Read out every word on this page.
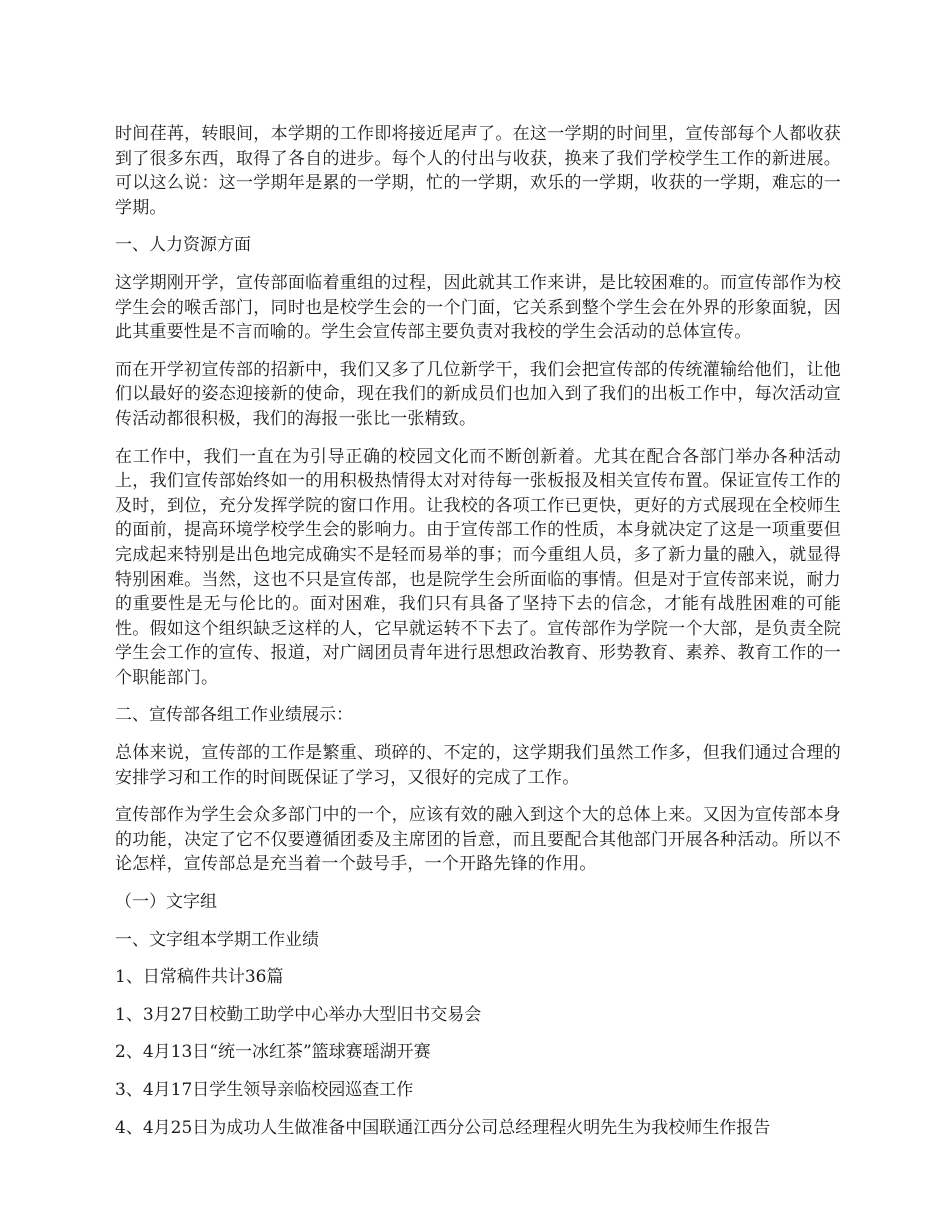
时间荏苒，转眼间，本学期的工作即将接近尾声了。在这一学期的时间里，宣传部每个人都收获到了很多东西，取得了各自的进步。每个人的付出与收获，换来了我们学校学生工作的新进展。可以这么说：这一学期年是累的一学期，忙的一学期，欢乐的一学期，收获的一学期，难忘的一学期。

一、人力资源方面

这学期刚开学，宣传部面临着重组的过程，因此就其工作来讲，是比较困难的。而宣传部作为校学生会的喉舌部门，同时也是校学生会的一个门面，它关系到整个学生会在外界的形象面貌，因此其重要性是不言而喻的。学生会宣传部主要负责对我校的学生会活动的总体宣传。

而在开学初宣传部的招新中，我们又多了几位新学干，我们会把宣传部的传统灌输给他们，让他们以最好的姿态迎接新的使命，现在我们的新成员们也加入到了我们的出板工作中，每次活动宣传活动都很积极，我们的海报一张比一张精致。

在工作中，我们一直在为引导正确的校园文化而不断创新着。尤其在配合各部门举办各种活动上，我们宣传部始终如一的用积极热情得太对对待每一张板报及相关宣传布置。保证宣传工作的及时，到位，充分发挥学院的窗口作用。让我校的各项工作已更快，更好的方式展现在全校师生的面前，提高环境学校学生会的影响力。由于宣传部工作的性质，本身就决定了这是一项重要但完成起来特别是出色地完成确实不是轻而易举的事；而今重组人员，多了新力量的融入，就显得特别困难。当然，这也不只是宣传部，也是院学生会所面临的事情。但是对于宣传部来说，耐力的重要性是无与伦比的。面对困难，我们只有具备了坚持下去的信念，才能有战胜困难的可能性。假如这个组织缺乏这样的人，它早就运转不下去了。宣传部作为学院一个大部，是负责全院学生会工作的宣传、报道，对广阔团员青年进行思想政治教育、形势教育、素养、教育工作的一个职能部门。

二、宣传部各组工作业绩展示：

总体来说，宣传部的工作是繁重、琐碎的、不定的，这学期我们虽然工作多，但我们通过合理的安排学习和工作的时间既保证了学习，又很好的完成了工作。

宣传部作为学生会众多部门中的一个，应该有效的融入到这个大的总体上来。又因为宣传部本身的功能，决定了它不仅要遵循团委及主席团的旨意，而且要配合其他部门开展各种活动。所以不论怎样，宣传部总是充当着一个鼓号手，一个开路先锋的作用。

（一）文字组

一、文字组本学期工作业绩

1、日常稿件共计36篇

1、3月27日校勤工助学中心举办大型旧书交易会

2、4月13日“统一冰红茶”篮球赛瑶湖开赛

3、4月17日学生领导亲临校园巡查工作

4、4月25日为成功人生做准备中国联通江西分公司总经理程火明先生为我校师生作报告
